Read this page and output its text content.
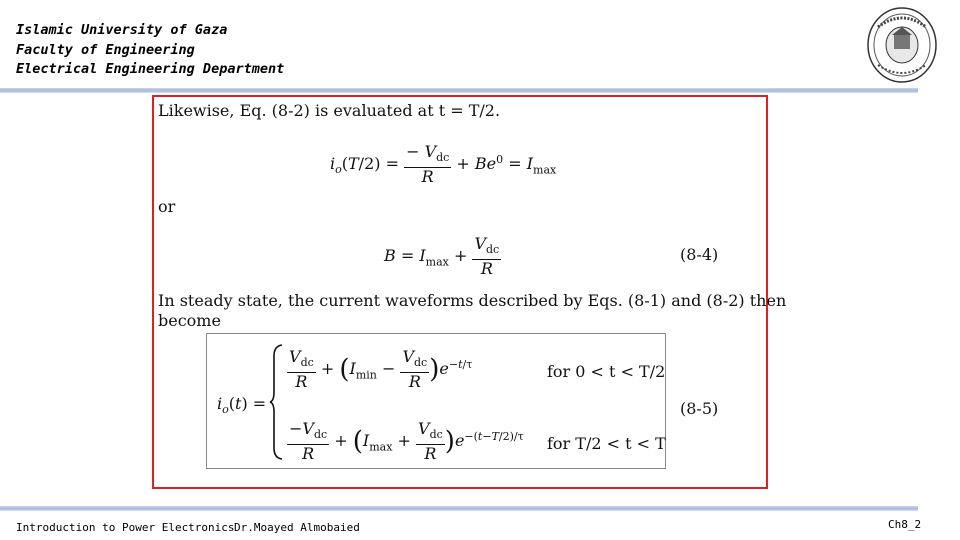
Islamic University of Gaza
Faculty of Engineering
Electrical Engineering Department
Likewise, Eq. (8-2) is evaluated at t = T/2.
$i_o(T/2) = \frac{- V_{dc}}{R} + Be^0 = I_{max}$
or
$B = I_{max} + \frac{V_{dc}}{R}$	(8-4)
In steady state, the current waveforms described by Eqs. (8-1) and (8-2) then
become
$i_o(t)$ =
$\frac{V_{dc}}{R} + (I_{min} - \frac{V_{dc}}{R} )e^{-t/\tau}$	for 0 < t < T/2
$\frac{-V_{dc}}{R} + (I_{max} + \frac{V_{dc}}{R} )e^{-(t-T/2)/\tau}$ for T/2 < t < T
(8-5)
Introduction to Power Electronics Dr.Moayed Almobaied	Ch8_2
